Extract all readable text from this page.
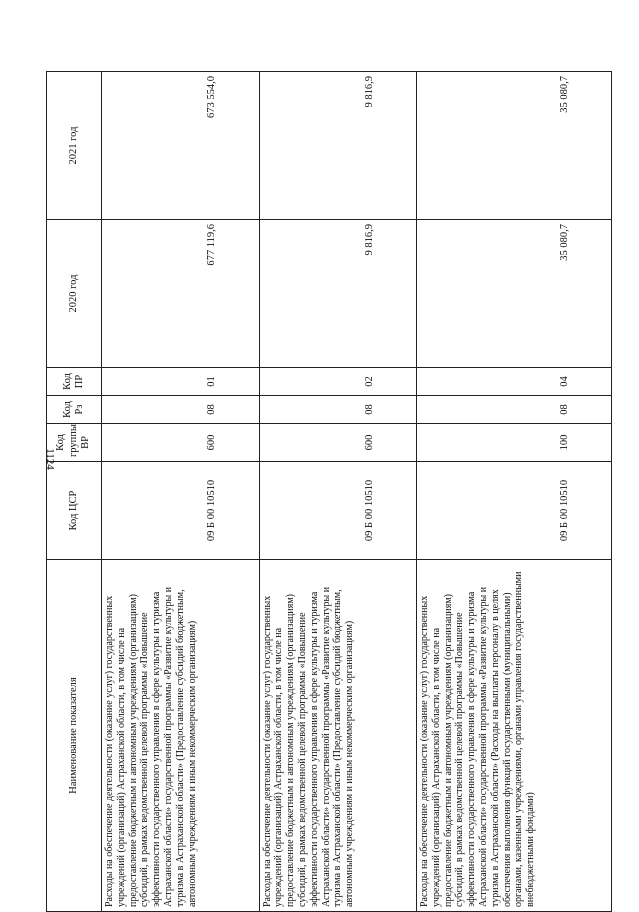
1124
Наименование показателя	Код ЦСР	Код группы ВР	Код Рз	Код ПР	2020 год	2021 год
Расходы на обеспечение деятельности (оказание услуг) государственных учреждений (организаций) Астраханской области, в том числе на предоставление бюджетным и автономным учреждениям (организациям) субсидий, в рамках ведомственной целевой программы «Повышение эффективности государственного управления в сфере культуры и туризма Астраханской области» государственной программы «Развитие культуры и туризма в Астраханской области» (Предоставление субсидий бюджетным, автономным учреждениям и иным некоммерческим организациям)	09 Б 00 10510	600	08	01	677 119,6	673 554,0
Расходы на обеспечение деятельности (оказание услуг) государственных учреждений (организаций) Астраханской области, в том числе на предоставление бюджетным и автономным учреждениям (организациям) субсидий, в рамках ведомственной целевой программы «Повышение эффективности государственного управления в сфере культуры и туризма Астраханской области» государственной программы «Развитие культуры и туризма в Астраханской области» (Предоставление субсидий бюджетным, автономным учреждениям и иным некоммерческим организациям)	09 Б 00 10510	600	08	02	9 816,9	9 816,9
Расходы на обеспечение деятельности (оказание услуг) государственных учреждений (организаций) Астраханской области, в том числе на предоставление бюджетным и автономным учреждениям (организациям) субсидий, в рамках ведомственной целевой программы «Повышение эффективности государственного управления в сфере культуры и туризма Астраханской области» государственной программы «Развитие культуры и туризма в Астраханской области» (Расходы на выплаты персоналу в целях обеспечения выполнения функций государственными (муниципальными) органами, казенными учреждениями, органами управления государственными внебюджетными фондами)	09 Б 00 10510	100	08	04	35 080,7	35 080,7
